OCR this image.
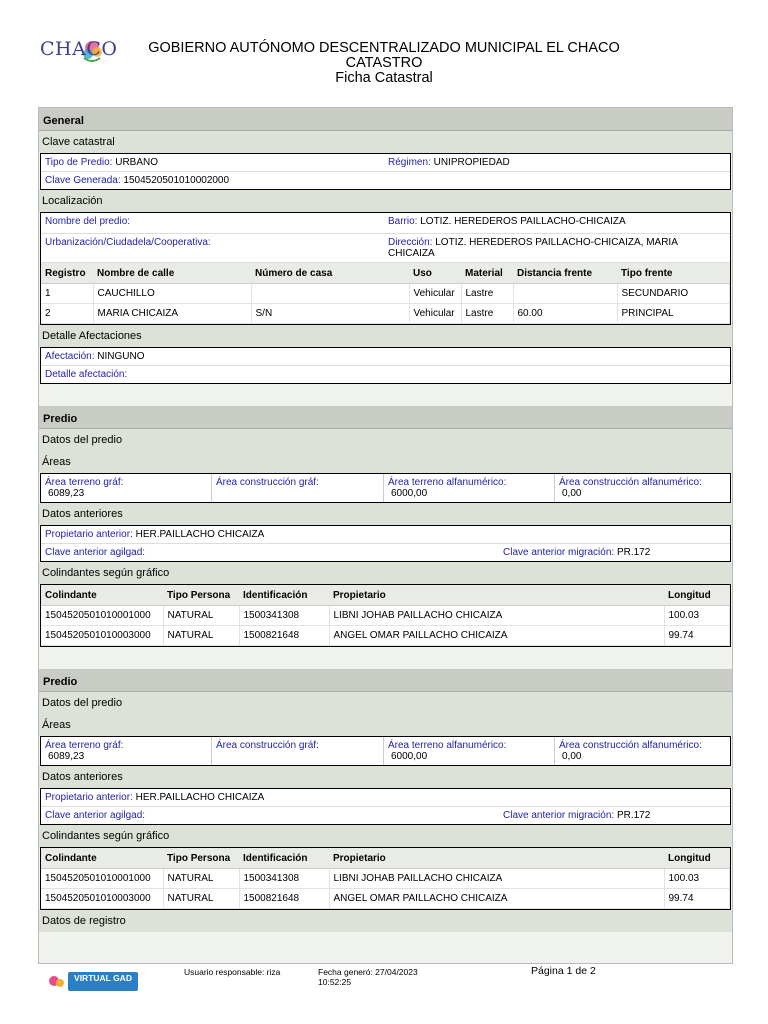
CHACO	GOBIERNO AUTÓNOMO DESCENTRALIZADO MUNICIPAL EL CHACO
CATASTRO
Ficha Catastral
General
Clave catastral
Tipo de Predio: URBANO	Régimen: UNIPROPIEDAD
Clave Generada: 1504520501010002000
Localización
Nombre del predio:	Barrio: LOTIZ. HEREDEROS PAILLACHO-CHICAIZA
Urbanización/Ciudadela/Cooperativa:	Dirección: LOTIZ. HEREDEROS PAILLACHO-CHICAIZA, MARIA CHICAIZA
Registro	Nombre de calle	Número de casa	Uso	Material	Distancia frente	Tipo frente
1	CAUCHILLO		Vehicular	Lastre		SECUNDARIO
2	MARIA CHICAIZA	S/N	Vehicular	Lastre	60.00	PRINCIPAL
Detalle Afectaciones
Afectación: NINGUNO
Detalle afectación:
Predio
Datos del predio
Áreas
Área terreno gráf:
6089,23
Área construcción gráf:	Área terreno alfanumérico:
6000,00
Área construcción alfanumérico:
0,00
Datos anteriores
Propietario anterior: HER.PAILLACHO CHICAIZA
Clave anterior agilgad:	Clave anterior migración: PR.172
Colindantes según gráfico
Colindante	Tipo Persona	Identificación	Propietario	Longitud
1504520501010001000	NATURAL	1500341308	LIBNI JOHAB PAILLACHO CHICAIZA	100.03
1504520501010003000	NATURAL	1500821648	ANGEL OMAR PAILLACHO CHICAIZA	99.74
Predio
Datos del predio
Áreas
Área terreno gráf:
6089,23
Área construcción gráf:	Área terreno alfanumérico:
6000,00
Área construcción alfanumérico:
0,00
Datos anteriores
Propietario anterior: HER.PAILLACHO CHICAIZA
Clave anterior agilgad:	Clave anterior migración: PR.172
Colindantes según gráfico
Colindante	Tipo Persona	Identificación	Propietario	Longitud
1504520501010001000	NATURAL	1500341308	LIBNI JOHAB PAILLACHO CHICAIZA	100.03
1504520501010003000	NATURAL	1500821648	ANGEL OMAR PAILLACHO CHICAIZA	99.74
Datos de registro
VIRTUAL GAD
Usuario responsable: riza	Fecha generó: 27/04/2023 10:52:25
Página 1 de 2
